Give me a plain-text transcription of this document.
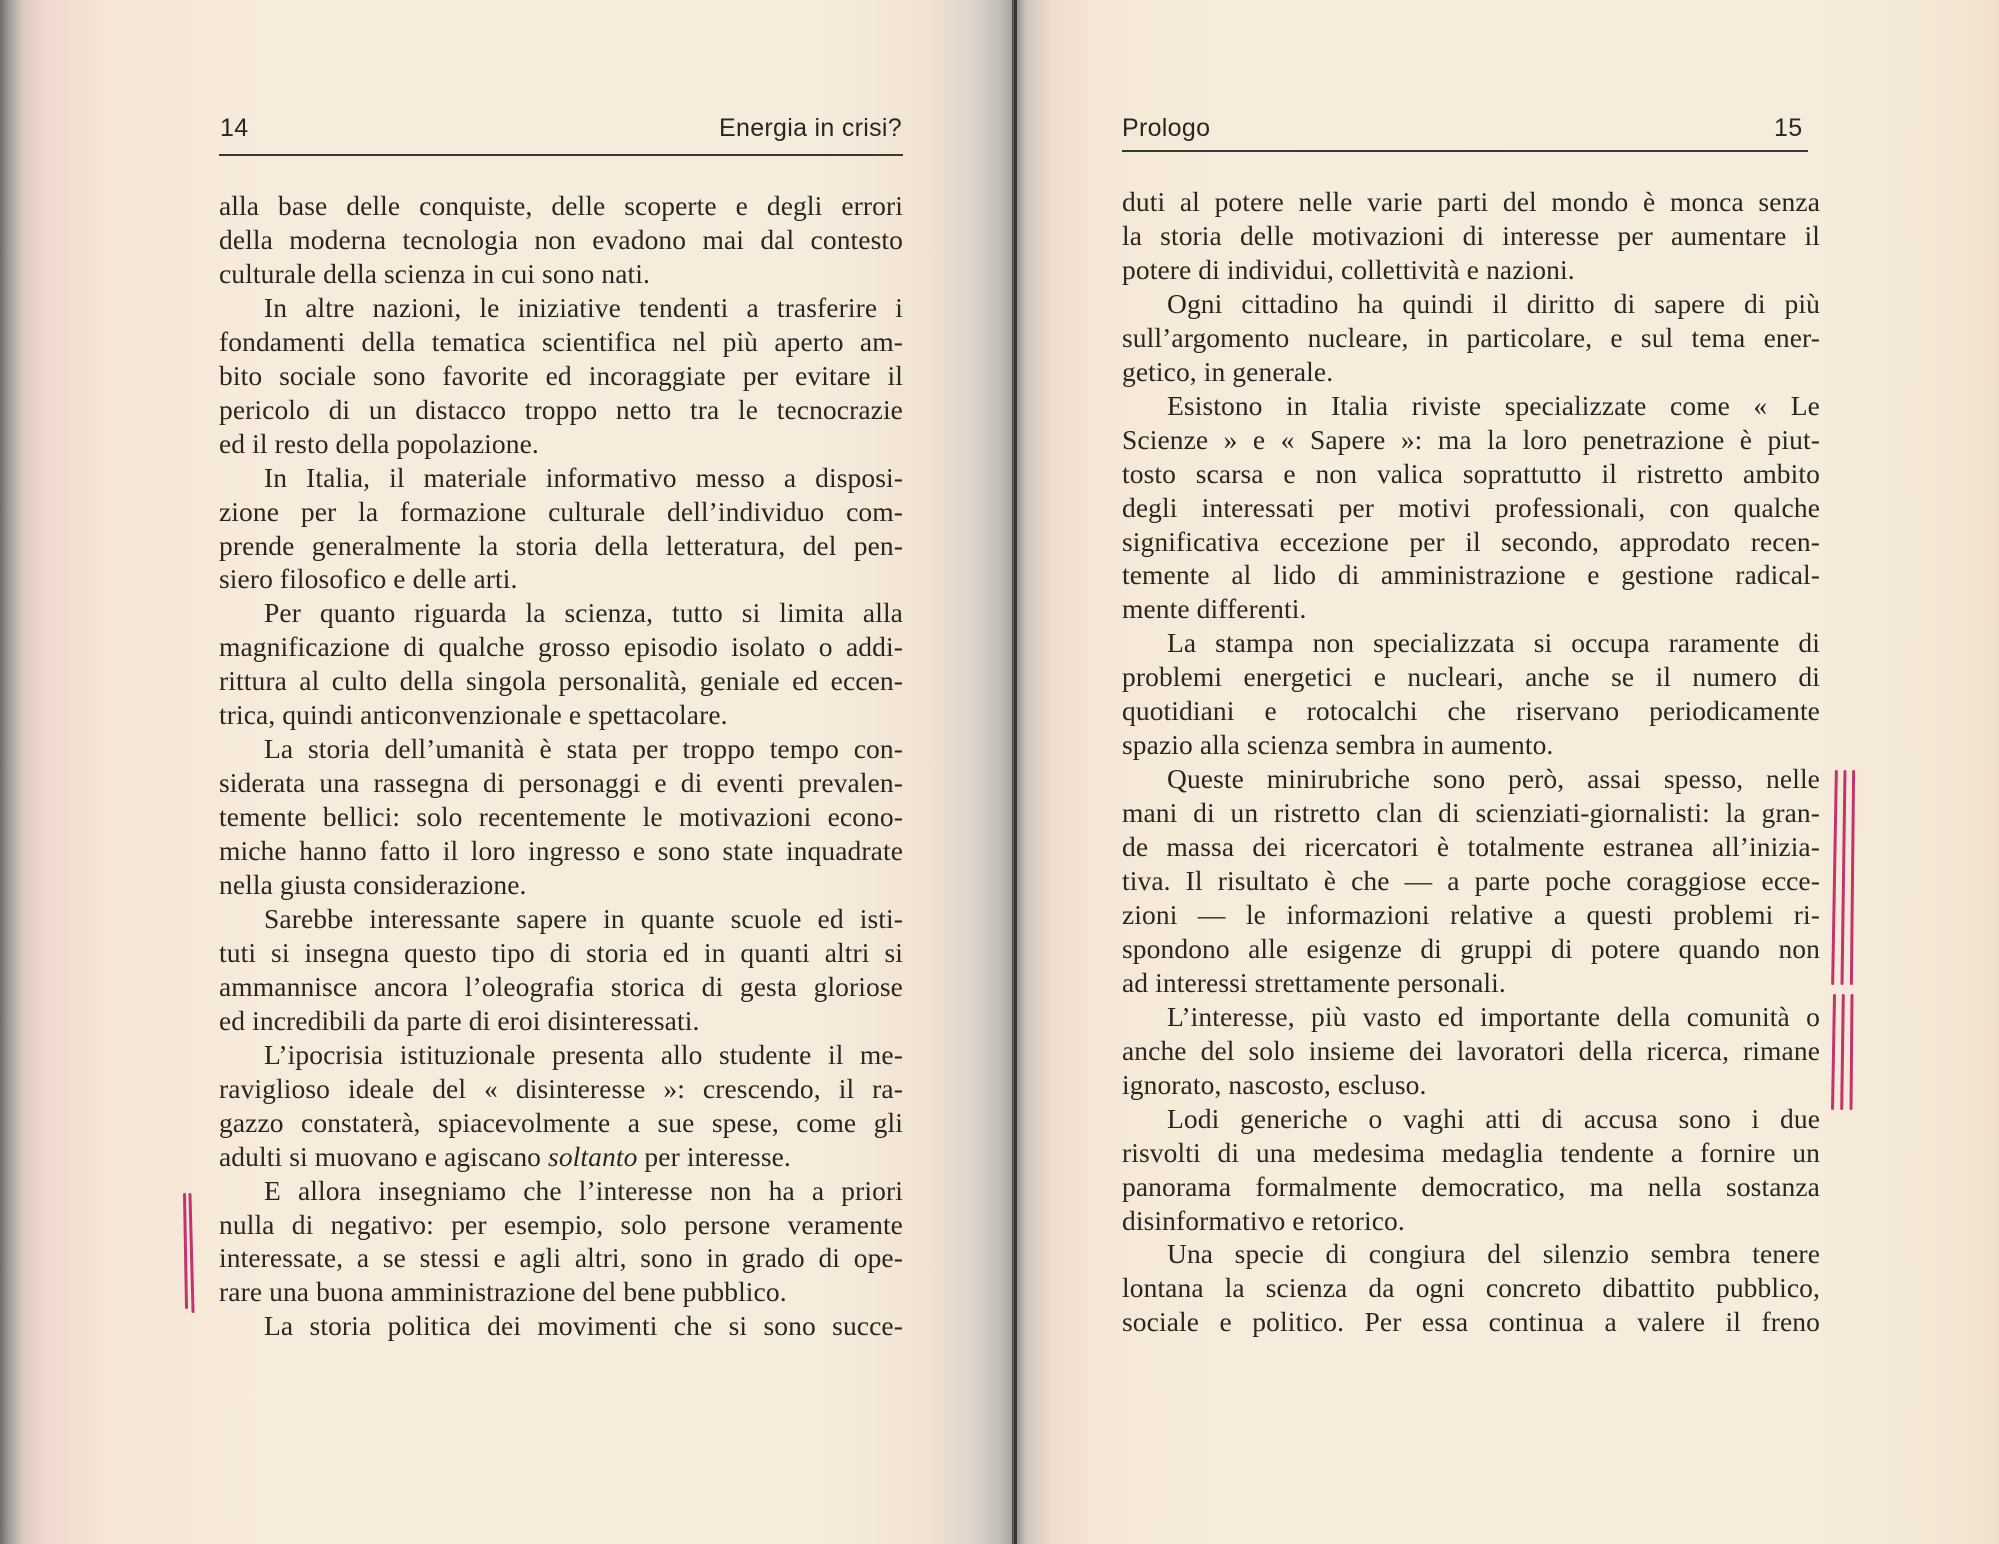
14	Energia in crisi?
alla base delle conquiste, delle scoperte e degli errori
della moderna tecnologia non evadono mai dal contesto
culturale della scienza in cui sono nati.
In altre nazioni, le iniziative tendenti a trasferire i
fondamenti della tematica scientifica nel più aperto am-
bito sociale sono favorite ed incoraggiate per evitare il
pericolo di un distacco troppo netto tra le tecnocrazie
ed il resto della popolazione.
In Italia, il materiale informativo messo a disposi-
zione per la formazione culturale dell’individuo com-
prende generalmente la storia della letteratura, del pen-
siero filosofico e delle arti.
Per quanto riguarda la scienza, tutto si limita alla
magnificazione di qualche grosso episodio isolato o addi-
rittura al culto della singola personalità, geniale ed eccen-
trica, quindi anticonvenzionale e spettacolare.
La storia dell’umanità è stata per troppo tempo con-
siderata una rassegna di personaggi e di eventi prevalen-
temente bellici: solo recentemente le motivazioni econo-
miche hanno fatto il loro ingresso e sono state inquadrate
nella giusta considerazione.
Sarebbe interessante sapere in quante scuole ed isti-
tuti si insegna questo tipo di storia ed in quanti altri si
ammannisce ancora l’oleografia storica di gesta gloriose
ed incredibili da parte di eroi disinteressati.
L’ipocrisia istituzionale presenta allo studente il me-
raviglioso ideale del « disinteresse »: crescendo, il ra-
gazzo constaterà, spiacevolmente a sue spese, come gli
adulti si muovano e agiscano soltanto per interesse.
E allora insegniamo che l’interesse non ha a priori
nulla di negativo: per esempio, solo persone veramente
interessate, a se stessi e agli altri, sono in grado di ope-
rare una buona amministrazione del bene pubblico.
La storia politica dei movimenti che si sono succe-
Prologo	15
duti al potere nelle varie parti del mondo è monca senza
la storia delle motivazioni di interesse per aumentare il
potere di individui, collettività e nazioni.
Ogni cittadino ha quindi il diritto di sapere di più
sull’argomento nucleare, in particolare, e sul tema ener-
getico, in generale.
Esistono in Italia riviste specializzate come « Le
Scienze » e « Sapere »: ma la loro penetrazione è piut-
tosto scarsa e non valica soprattutto il ristretto ambito
degli interessati per motivi professionali, con qualche
significativa eccezione per il secondo, approdato recen-
temente al lido di amministrazione e gestione radical-
mente differenti.
La stampa non specializzata si occupa raramente di
problemi energetici e nucleari, anche se il numero di
quotidiani e rotocalchi che riservano periodicamente
spazio alla scienza sembra in aumento.
Queste minirubriche sono però, assai spesso, nelle
mani di un ristretto clan di scienziati-giornalisti: la gran-
de massa dei ricercatori è totalmente estranea all’inizia-
tiva. Il risultato è che — a parte poche coraggiose ecce-
zioni — le informazioni relative a questi problemi ri-
spondono alle esigenze di gruppi di potere quando non
ad interessi strettamente personali.
L’interesse, più vasto ed importante della comunità o
anche del solo insieme dei lavoratori della ricerca, rimane
ignorato, nascosto, escluso.
Lodi generiche o vaghi atti di accusa sono i due
risvolti di una medesima medaglia tendente a fornire un
panorama formalmente democratico, ma nella sostanza
disinformativo e retorico.
Una specie di congiura del silenzio sembra tenere
lontana la scienza da ogni concreto dibattito pubblico,
sociale e politico. Per essa continua a valere il freno
